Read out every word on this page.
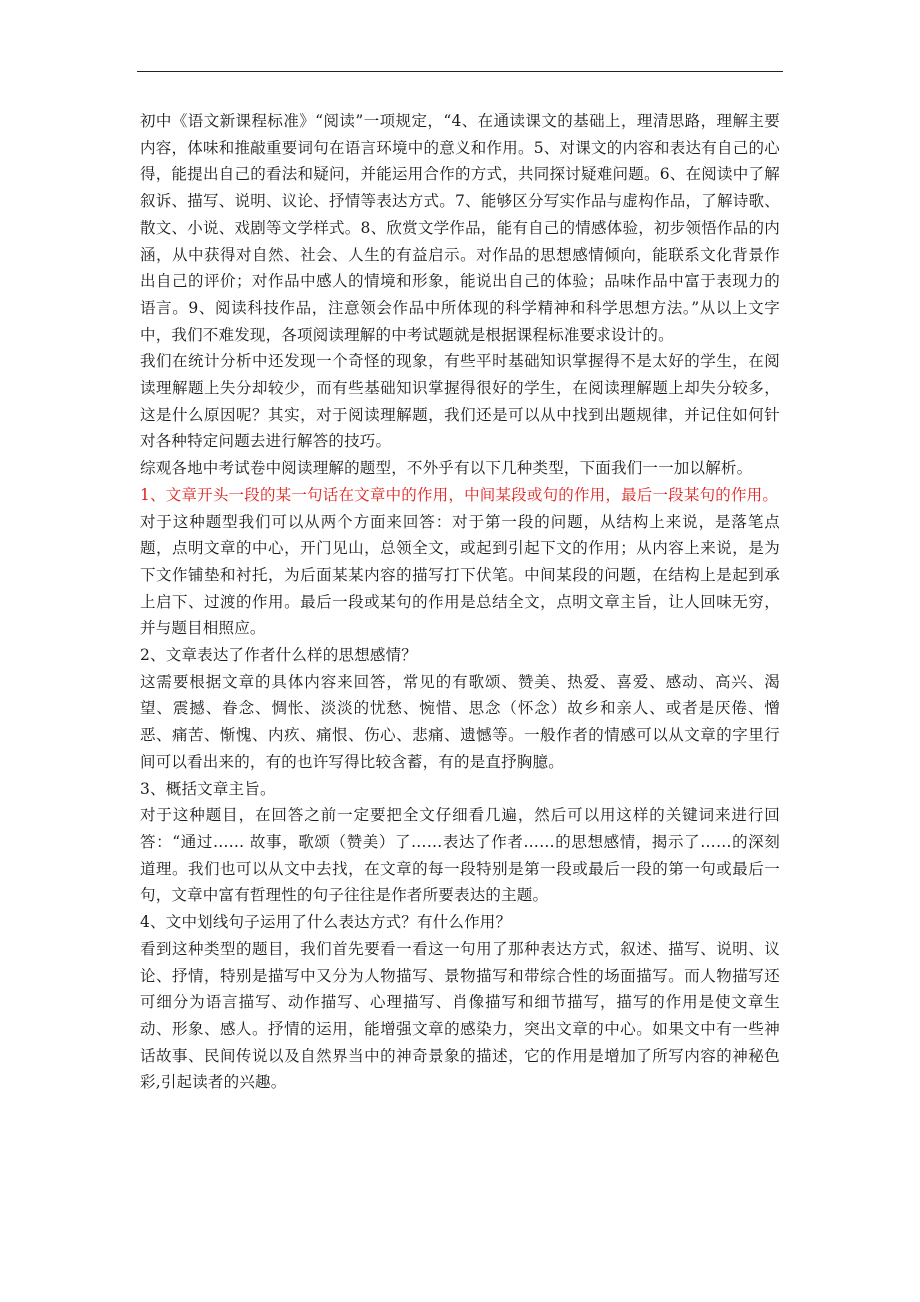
初中《语文新课程标准》“阅读”一项规定，“4、在通读课文的基础上，理清思路，理解主要内容，体味和推敲重要词句在语言环境中的意义和作用。5、对课文的内容和表达有自己的心得，能提出自己的看法和疑问，并能运用合作的方式，共同探讨疑难问题。6、在阅读中了解叙诉、描写、说明、议论、抒情等表达方式。7、能够区分写实作品与虚构作品，了解诗歌、散文、小说、戏剧等文学样式。8、欣赏文学作品，能有自己的情感体验，初步领悟作品的内涵，从中获得对自然、社会、人生的有益启示。对作品的思想感情倾向，能联系文化背景作出自己的评价；对作品中感人的情境和形象，能说出自己的体验；品味作品中富于表现力的语言。9、阅读科技作品，注意领会作品中所体现的科学精神和科学思想方法。”从以上文字中，我们不难发现，各项阅读理解的中考试题就是根据课程标准要求设计的。

我们在统计分析中还发现一个奇怪的现象，有些平时基础知识掌握得不是太好的学生，在阅读理解题上失分却较少，而有些基础知识掌握得很好的学生，在阅读理解题上却失分较多，这是什么原因呢？其实，对于阅读理解题，我们还是可以从中找到出题规律，并记住如何针对各种特定问题去进行解答的技巧。

综观各地中考试卷中阅读理解的题型，不外乎有以下几种类型，下面我们一一加以解析。

1、文章开头一段的某一句话在文章中的作用，中间某段或句的作用，最后一段某句的作用。

对于这种题型我们可以从两个方面来回答：对于第一段的问题，从结构上来说，是落笔点题，点明文章的中心，开门见山，总领全文，或起到引起下文的作用；从内容上来说，是为下文作铺垫和衬托，为后面某某内容的描写打下伏笔。中间某段的问题，在结构上是起到承上启下、过渡的作用。最后一段或某句的作用是总结全文，点明文章主旨，让人回味无穷，并与题目相照应。

2、文章表达了作者什么样的思想感情？

这需要根据文章的具体内容来回答，常见的有歌颂、赞美、热爱、喜爱、感动、高兴、渴望、震撼、眷念、惆怅、淡淡的忧愁、惋惜、思念（怀念）故乡和亲人、或者是厌倦、憎恶、痛苦、惭愧、内疚、痛恨、伤心、悲痛、遗憾等。一般作者的情感可以从文章的字里行间可以看出来的，有的也许写得比较含蓄，有的是直抒胸臆。

3、概括文章主旨。

对于这种题目，在回答之前一定要把全文仔细看几遍，然后可以用这样的关键词来进行回答：“通过…… 故事，歌颂（赞美）了……表达了作者……的思想感情，揭示了……的深刻道理。我们也可以从文中去找，在文章的每一段特别是第一段或最后一段的第一句或最后一句，文章中富有哲理性的句子往往是作者所要表达的主题。

4、文中划线句子运用了什么表达方式？有什么作用？

看到这种类型的题目，我们首先要看一看这一句用了那种表达方式，叙述、描写、说明、议论、抒情，特别是描写中又分为人物描写、景物描写和带综合性的场面描写。而人物描写还可细分为语言描写、动作描写、心理描写、肖像描写和细节描写，描写的作用是使文章生动、形象、感人。抒情的运用，能增强文章的感染力，突出文章的中心。如果文中有一些神话故事、民间传说以及自然界当中的神奇景象的描述，它的作用是增加了所写内容的神秘色彩,引起读者的兴趣。
